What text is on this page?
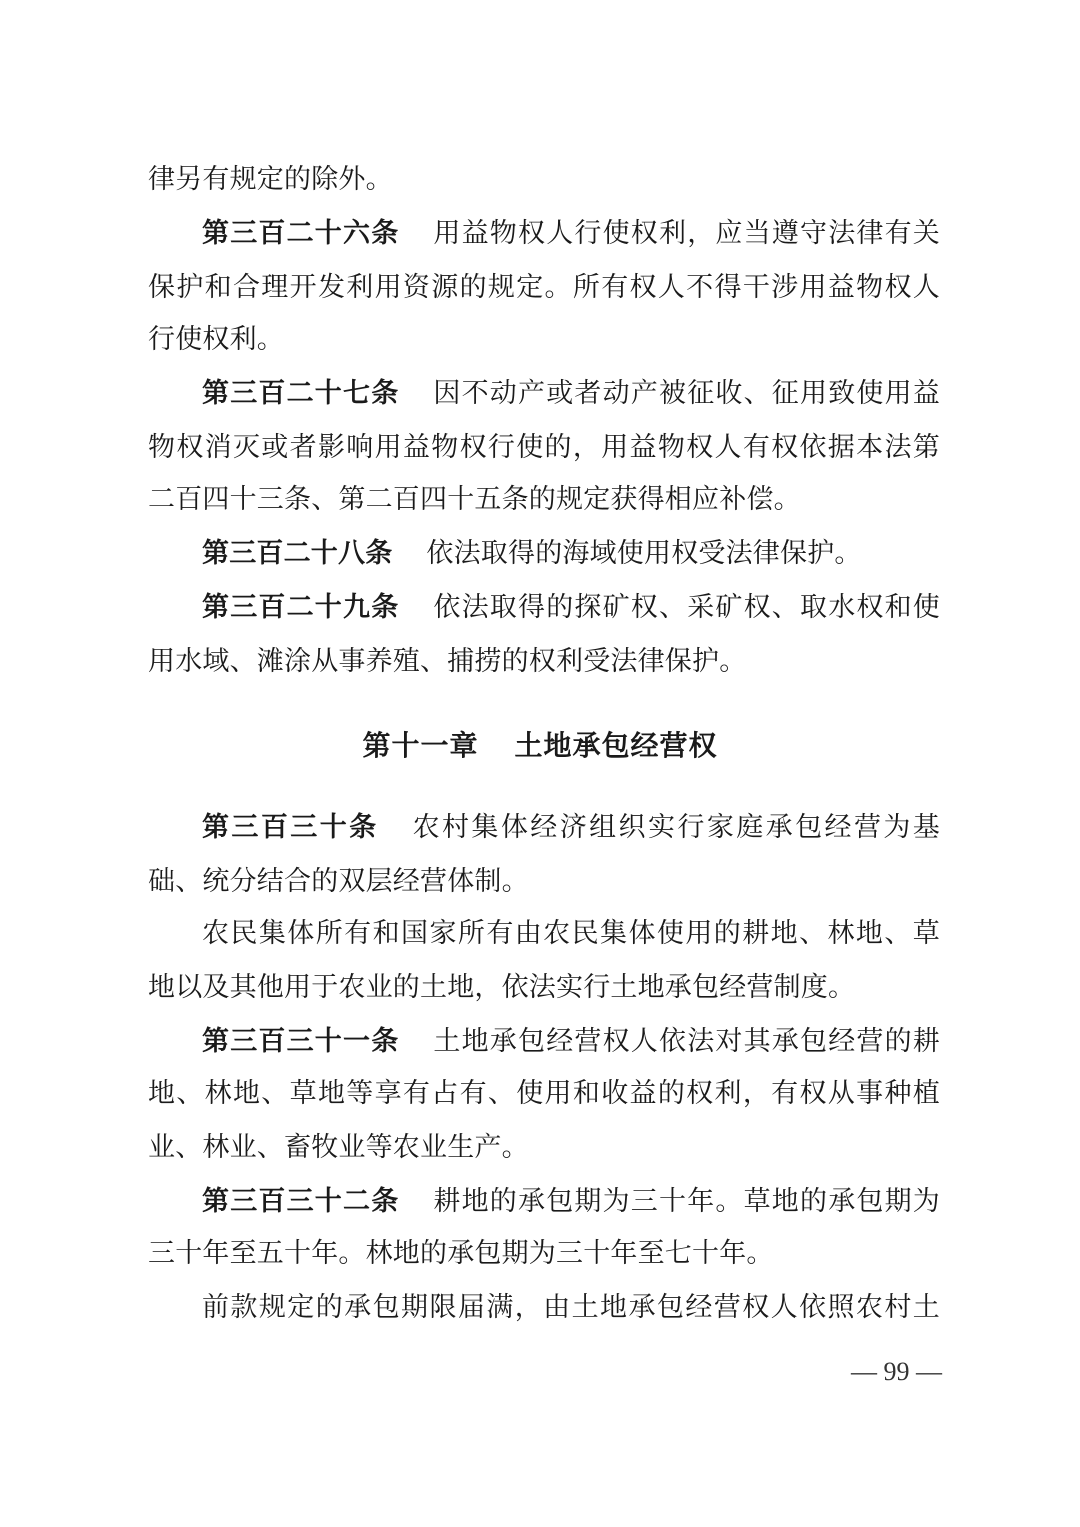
律另有规定的除外。
第三百二十六条 用益物权人行使权利，应当遵守法律有关
保护和合理开发利用资源的规定。所有权人不得干涉用益物权人
行使权利。
第三百二十七条 因不动产或者动产被征收、征用致使用益
物权消灭或者影响用益物权行使的，用益物权人有权依据本法第
二百四十三条、第二百四十五条的规定获得相应补偿。
第三百二十八条 依法取得的海域使用权受法律保护。
第三百二十九条 依法取得的探矿权、采矿权、取水权和使
用水域、滩涂从事养殖、捕捞的权利受法律保护。
第十一章 土地承包经营权
第三百三十条 农村集体经济组织实行家庭承包经营为基
础、统分结合的双层经营体制。
农民集体所有和国家所有由农民集体使用的耕地、林地、草
地以及其他用于农业的土地，依法实行土地承包经营制度。
第三百三十一条 土地承包经营权人依法对其承包经营的耕
地、林地、草地等享有占有、使用和收益的权利，有权从事种植
业、林业、畜牧业等农业生产。
第三百三十二条 耕地的承包期为三十年。草地的承包期为
三十年至五十年。林地的承包期为三十年至七十年。
前款规定的承包期限届满，由土地承包经营权人依照农村土
— 99 —
